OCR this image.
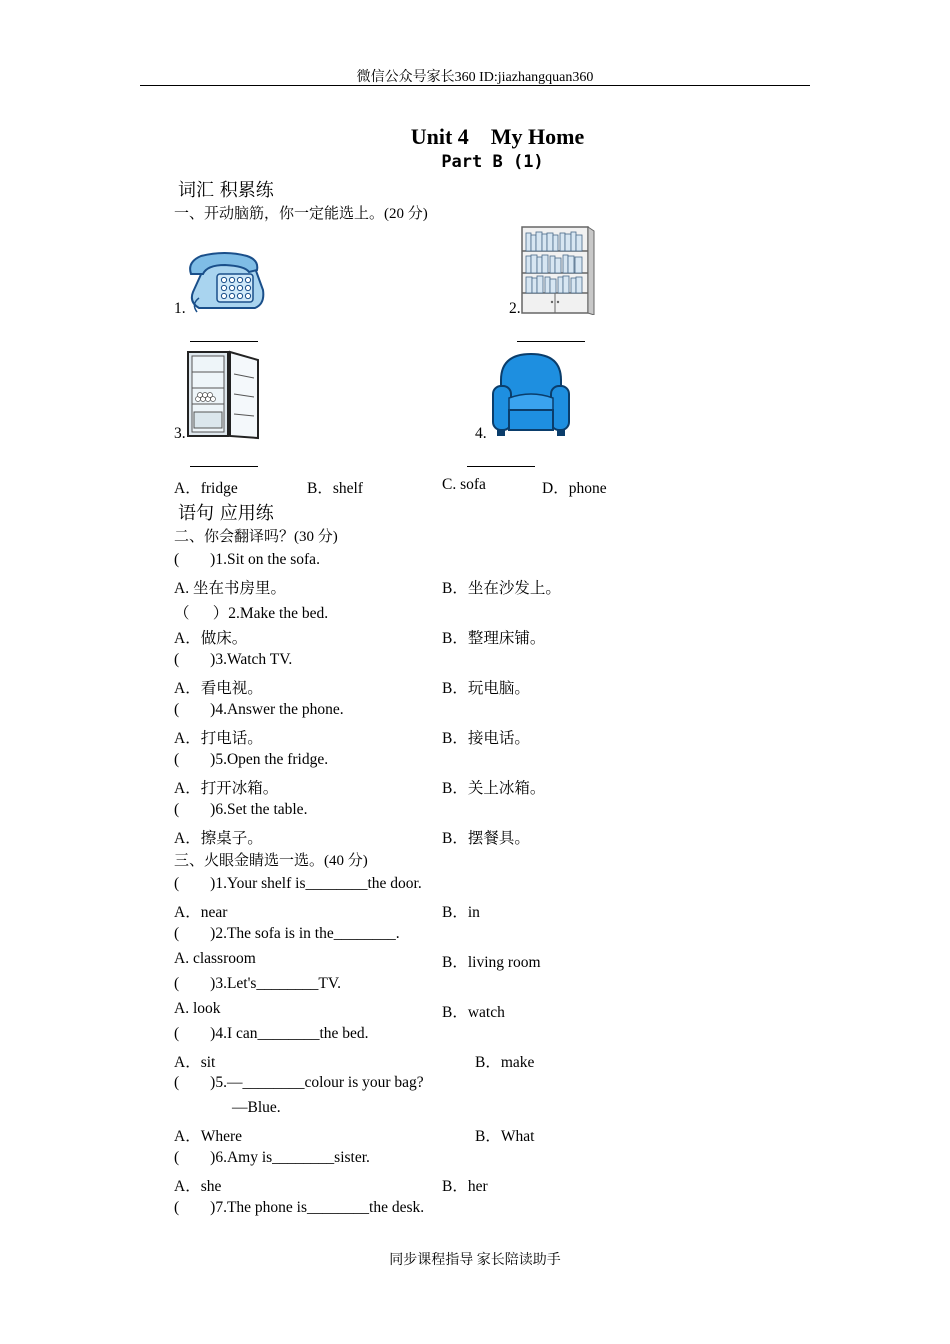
微信公众号家长360 ID:jiazhangquan360
Unit 4    My Home
Part B (1)
词汇 积累练
一、开动脑筋，你一定能选上。(20 分)
1.	2.
3.	4.
A．fridge	B．shelf	C. sofa	D．phone
语句 应用练
二、你会翻译吗？(30 分)
(        )1.Sit on the sofa.
A. 坐在书房里。	B．坐在沙发上。
（      ）2.Make the bed.
A．做床。	B．整理床铺。
(        )3.Watch TV.
A．看电视。	B．玩电脑。
(        )4.Answer the phone.
A．打电话。	B．接电话。
(        )5.Open the fridge.
A．打开冰箱。	B．关上冰箱。
(        )6.Set the table.
A．擦桌子。	B．摆餐具。
三、火眼金睛选一选。(40 分)
(        )1.Your shelf is________the door.
A．near	B．in
(        )2.The sofa is in the________.
A. classroom	B．living room
(        )3.Let's________TV.
A. look	B．watch
(        )4.I can________the bed.
A．sit	B．make
(        )5.—________colour is your bag?
—Blue.
A．Where	B．What
(        )6.Amy is________sister.
A．she	B．her
(        )7.The phone is________the desk.
同步课程指导 家长陪读助手
